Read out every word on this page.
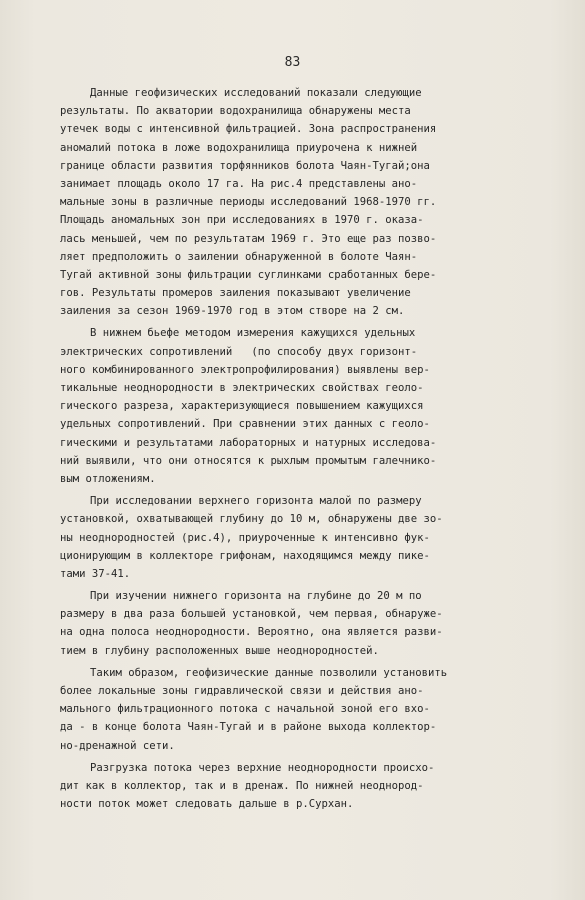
83
Данные геофизических исследований показали следующие
результаты. По акватории водохранилища обнаружены места
утечек воды с интенсивной фильтрацией. Зона распространения
аномалий потока в ложе водохранилища приурочена к нижней
границе области развития торфянников болота Чаян-Тугай;она
занимает площадь около 17 га. На рис.4 представлены ано-
мальные зоны в различные периоды исследований 1968-1970 гг.
Площадь аномальных зон при исследованиях в 1970 г. оказа-
лась меньшей, чем по результатам 1969 г. Это еще раз позво-
ляет предположить о заилении обнаруженной в болоте Чаян-
Тугай активной зоны фильтрации суглинками сработанных бере-
гов. Результаты промеров заиления показывают увеличение
заиления за сезон 1969-1970 год в этом створе на 2 см.
В нижнем бьефе методом измерения кажущихся удельных
электрических сопротивлений   (по способу двух горизонт-
ного комбинированного электропрофилирования) выявлены вер-
тикальные неоднородности в электрических свойствах геоло-
гического разреза, характеризующиеся повышением кажущихся
удельных сопротивлений. При сравнении этих данных с геоло-
гическими и результатами лабораторных и натурных исследова-
ний выявили, что они относятся к рыхлым промытым галечнико-
вым отложениям.
При исследовании верхнего горизонта малой по размеру
установкой, охватывающей глубину до 10 м, обнаружены две зо-
ны неоднородностей (рис.4), приуроченные к интенсивно фук-
ционирующим в коллекторе грифонам, находящимся между пике-
тами 37-41.
При изучении нижнего горизонта на глубине до 20 м по
размеру в два раза большей установкой, чем первая, обнаруже-
на одна полоса неоднородности. Вероятно, она является разви-
тием в глубину расположенных выше неоднородностей.
Таким образом, геофизические данные позволили установить
более локальные зоны гидравлической связи и действия ано-
мального фильтрационного потока с начальной зоной его вхо-
да - в конце болота Чаян-Тугай и в районе выхода коллектор-
но-дренажной сети.
Разгрузка потока через верхние неоднородности происхо-
дит как в коллектор, так и в дренаж. По нижней неоднород-
ности поток может следовать дальше в р.Сурхан.
